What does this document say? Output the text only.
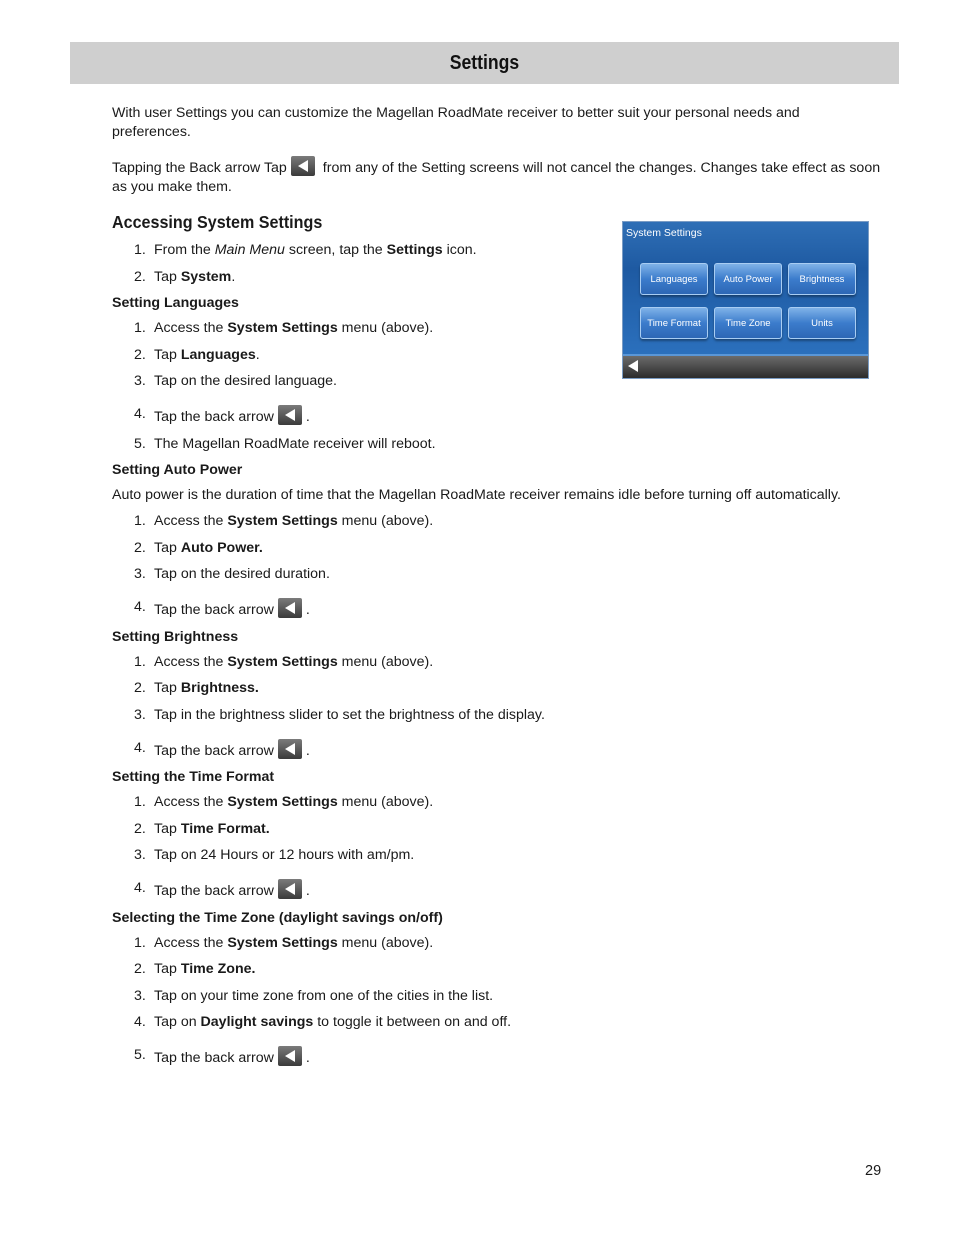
Settings

With user Settings you can customize the Magellan RoadMate receiver to better suit your personal needs and preferences.

Tapping the Back arrow Tap	from any of the Setting screens will not cancel the changes. Changes take effect as soon as you make them.

Accessing System Settings
1. From the Main Menu screen, tap the Settings icon.
2. Tap System.
Setting Languages
1. Access the System Settings menu (above).
2. Tap Languages.
3. Tap on the desired language.
4. Tap the back arrow .
5. The Magellan RoadMate receiver will reboot.
Setting Auto Power

Auto power is the duration of time that the Magellan RoadMate receiver remains idle before turning off automatically.

1. Access the System Settings menu (above).
2. Tap Auto Power.
3. Tap on the desired duration.
4. Tap the back arrow .
Setting Brightness
1. Access the System Settings menu (above).
2. Tap Brightness.
3. Tap in the brightness slider to set the brightness of the display.
4. Tap the back arrow .
Setting the Time Format
1. Access the System Settings menu (above).
2. Tap Time Format.
3. Tap on 24 Hours or 12 hours with am/pm.
4. Tap the back arrow .
Selecting the Time Zone (daylight savings on/off)
1. Access the System Settings menu (above).
2. Tap Time Zone.
3. Tap on your time zone from one of the cities in the list.
4. Tap on Daylight savings to toggle it between on and off.
5. Tap the back arrow .
System Settings
Languages	Auto Power	Brightness
Time Format	Time Zone	Units
29
